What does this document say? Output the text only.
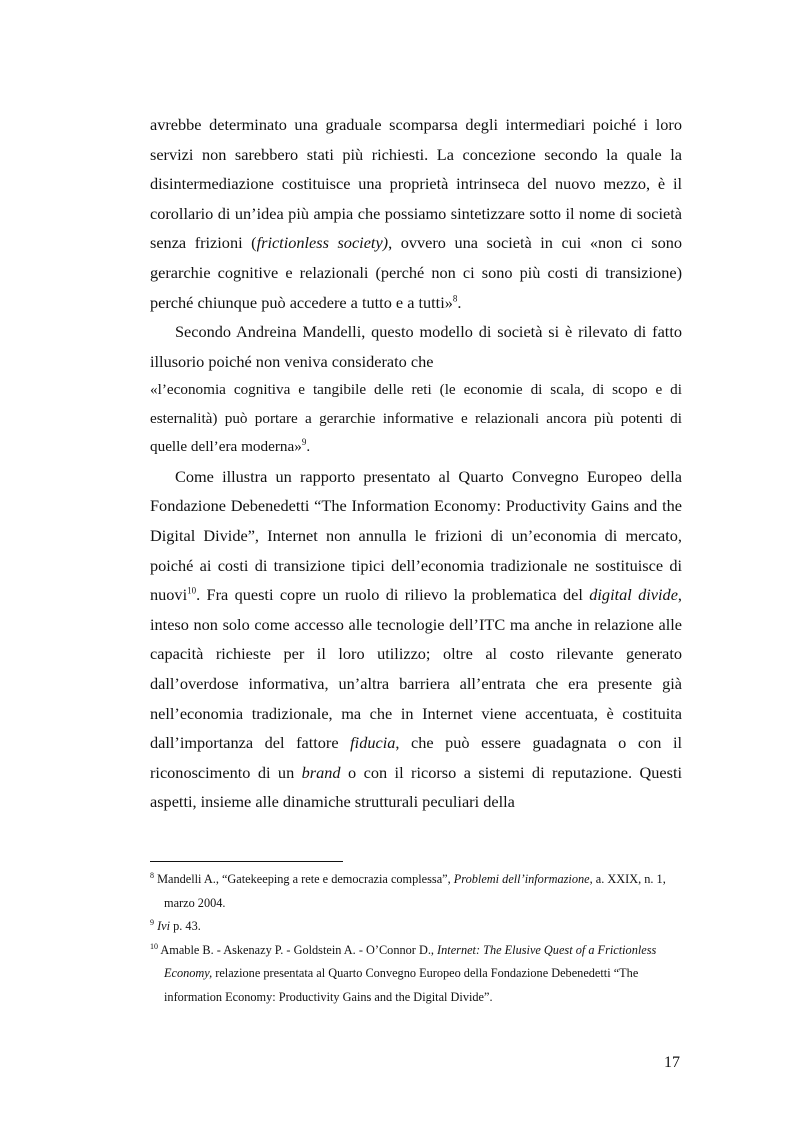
avrebbe determinato una graduale scomparsa degli intermediari poiché i loro servizi non sarebbero stati più richiesti. La concezione secondo la quale la disintermediazione costituisce una proprietà intrinseca del nuovo mezzo, è il corollario di un’idea più ampia che possiamo sintetizzare sotto il nome di società senza frizioni (frictionless society), ovvero una società in cui «non ci sono gerarchie cognitive e relazionali (perché non ci sono più costi di transizione) perché chiunque può accedere a tutto e a tutti»$^8$.

Secondo Andreina Mandelli, questo modello di società si è rilevato di fatto illusorio poiché non veniva considerato che

«l’economia cognitiva e tangibile delle reti (le economie di scala, di scopo e di esternalità) può portare a gerarchie informative e relazionali ancora più potenti di quelle dell’era moderna»$^9$.

Come illustra un rapporto presentato al Quarto Convegno Europeo della Fondazione Debenedetti “The Information Economy: Productivity Gains and the Digital Divide”, Internet non annulla le frizioni di un’economia di mercato, poiché ai costi di transizione tipici dell’economia tradizionale ne sostituisce di nuovi$^{10}$. Fra questi copre un ruolo di rilievo la problematica del digital divide, inteso non solo come accesso alle tecnologie dell’ITC ma anche in relazione alle capacità richieste per il loro utilizzo; oltre al costo rilevante generato dall’overdose informativa, un’altra barriera all’entrata che era presente già nell’economia tradizionale, ma che in Internet viene accentuata, è costituita dall’importanza del fattore fiducia, che può essere guadagnata o con il riconoscimento di un brand o con il ricorso a sistemi di reputazione. Questi aspetti, insieme alle dinamiche strutturali peculiari della

$^8$ Mandelli A., “Gatekeeping a rete e democrazia complessa”, Problemi dell’informazione, a. XXIX, n. 1, marzo 2004.

$^9$ Ivi p. 43.

$^{10}$ Amable B. - Askenazy P. - Goldstein A. - O’Connor D., Internet: The Elusive Quest of a Frictionless Economy, relazione presentata al Quarto Convegno Europeo della Fondazione Debenedetti “The information Economy: Productivity Gains and the Digital Divide”.

17
